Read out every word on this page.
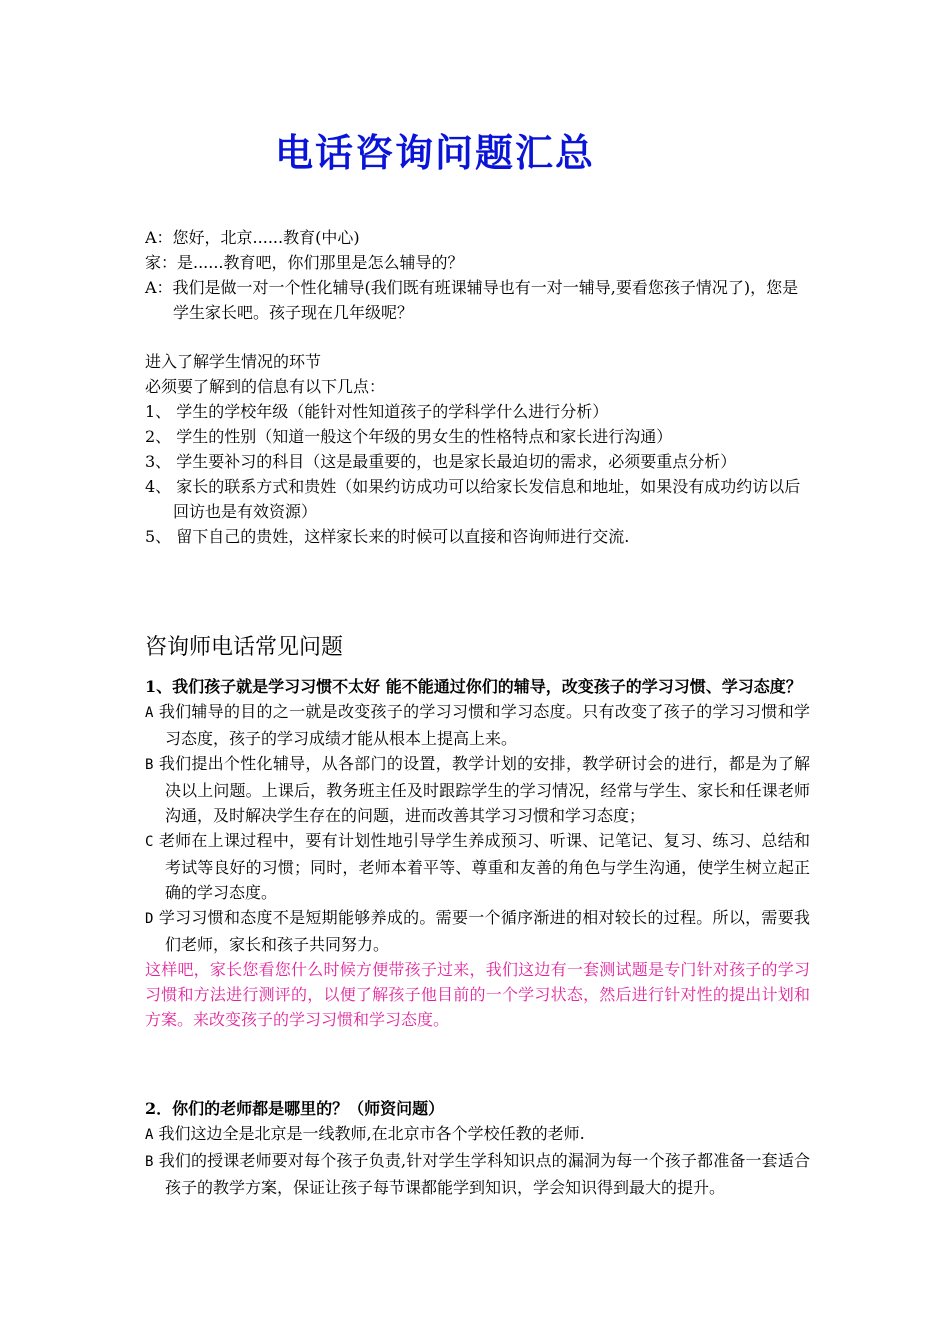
电话咨询问题汇总
A：您好，北京......教育(中心)
家：是......教育吧，你们那里是怎么辅导的？
A：我们是做一对一个性化辅导(我们既有班课辅导也有一对一辅导,要看您孩子情况了)，您是学生家长吧。孩子现在几年级呢？
进入了解学生情况的环节
必须要了解到的信息有以下几点：
1、 学生的学校年级（能针对性知道孩子的学科学什么进行分析）
2、 学生的性别（知道一般这个年级的男女生的性格特点和家长进行沟通）
3、 学生要补习的科目（这是最重要的，也是家长最迫切的需求，必须要重点分析）
4、 家长的联系方式和贵姓（如果约访成功可以给家长发信息和地址，如果没有成功约访以后回访也是有效资源）
5、 留下自己的贵姓，这样家长来的时候可以直接和咨询师进行交流.
咨询师电话常见问题
1、我们孩子就是学习习惯不太好 能不能通过你们的辅导，改变孩子的学习习惯、学习态度？
A 我们辅导的目的之一就是改变孩子的学习习惯和学习态度。只有改变了孩子的学习习惯和学习态度，孩子的学习成绩才能从根本上提高上来。
B 我们提出个性化辅导，从各部门的设置，教学计划的安排，教学研讨会的进行，都是为了解决以上问题。上课后，教务班主任及时跟踪学生的学习情况，经常与学生、家长和任课老师沟通，及时解决学生存在的问题，进而改善其学习习惯和学习态度；
C 老师在上课过程中，要有计划性地引导学生养成预习、听课、记笔记、复习、练习、总结和考试等良好的习惯；同时，老师本着平等、尊重和友善的角色与学生沟通，使学生树立起正确的学习态度。
D 学习习惯和态度不是短期能够养成的。需要一个循序渐进的相对较长的过程。所以，需要我们老师，家长和孩子共同努力。
这样吧，家长您看您什么时候方便带孩子过来，我们这边有一套测试题是专门针对孩子的学习习惯和方法进行测评的，以便了解孩子他目前的一个学习状态，然后进行针对性的提出计划和方案。来改变孩子的学习习惯和学习态度。
2．你们的老师都是哪里的？（师资问题）
A 我们这边全是北京是一线教师,在北京市各个学校任教的老师.
B 我们的授课老师要对每个孩子负责,针对学生学科知识点的漏洞为每一个孩子都准备一套适合孩子的教学方案，保证让孩子每节课都能学到知识，学会知识得到最大的提升。
